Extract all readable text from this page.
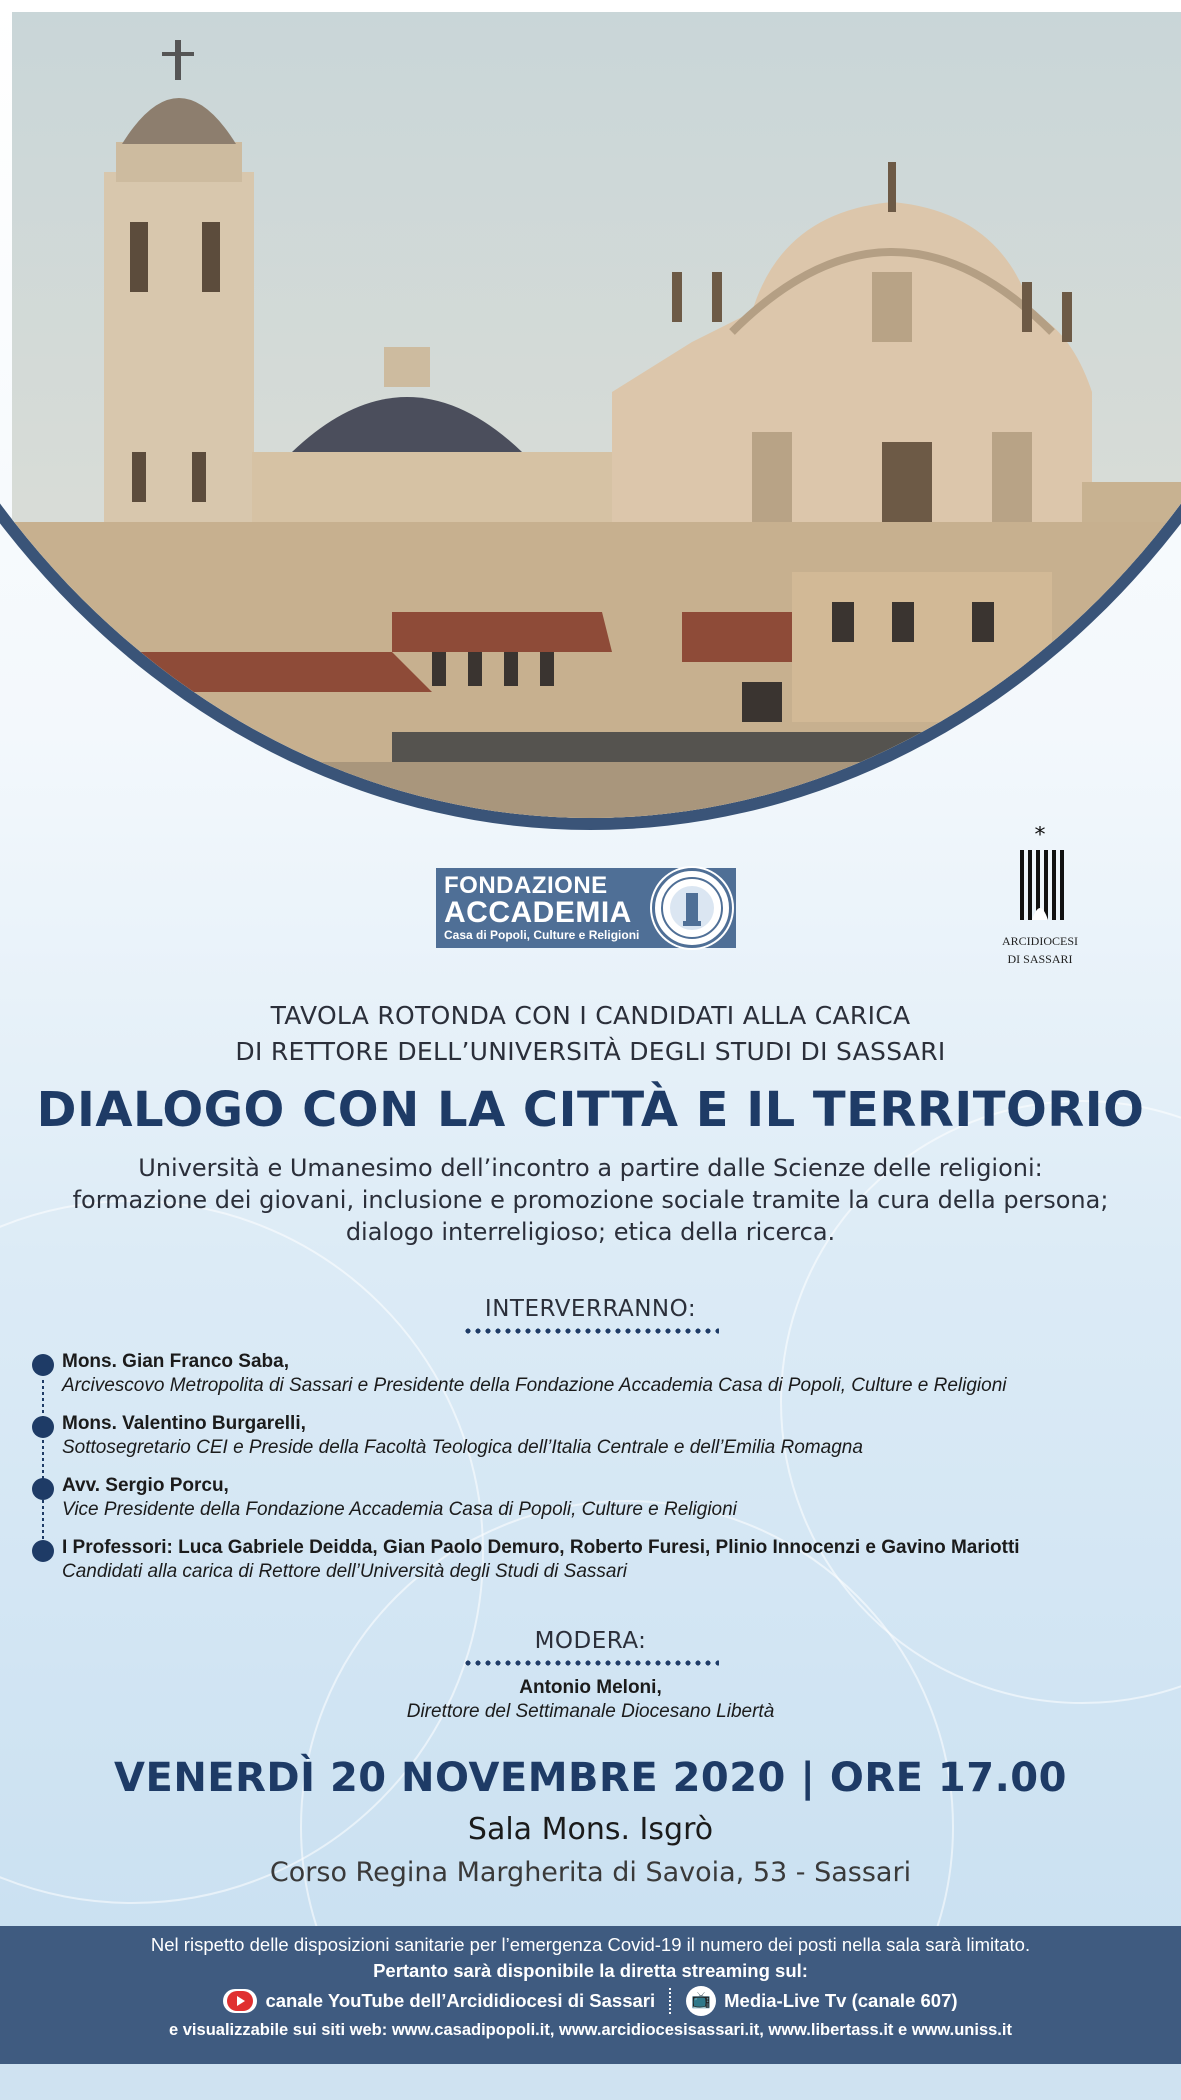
FONDAZIONE
ACCADEMIA
Casa di Popoli, Culture e Religioni
*
ARCIDIOCESI
DI SASSARI
TAVOLA ROTONDA CON I CANDIDATI ALLA CARICA
DI RETTORE DELL’UNIVERSITÀ DEGLI STUDI DI SASSARI
DIALOGO CON LA CITTÀ E IL TERRITORIO
Università e Umanesimo dell’incontro a partire dalle Scienze delle religioni:
formazione dei giovani, inclusione e promozione sociale tramite la cura della persona;
dialogo interreligioso; etica della ricerca.
INTERVERRANNO:
Mons. Gian Franco Saba,
Arcivescovo Metropolita di Sassari e Presidente della Fondazione Accademia Casa di Popoli, Culture e Religioni
Mons. Valentino Burgarelli,
Sottosegretario CEI e Preside della Facoltà Teologica dell’Italia Centrale e dell’Emilia Romagna
Avv. Sergio Porcu,
Vice Presidente della Fondazione Accademia Casa di Popoli, Culture e Religioni
I Professori: Luca Gabriele Deidda, Gian Paolo Demuro, Roberto Furesi, Plinio Innocenzi e Gavino Mariotti
Candidati alla carica di Rettore dell’Università degli Studi di Sassari
MODERA:
Antonio Meloni,
Direttore del Settimanale Diocesano Libertà
VENERDÌ 20 NOVEMBRE 2020 | ORE 17.00
Sala Mons. Isgrò
Corso Regina Margherita di Savoia, 53 - Sassari
Nel rispetto delle disposizioni sanitarie per l’emergenza Covid-19 il numero dei posti nella sala sarà limitato.
Pertanto sarà disponibile la diretta streaming sul:
canale YouTube dell’Arcididiocesi di Sassari	📺 Media-Live Tv (canale 607)
e visualizzabile sui siti web: www.casadipopoli.it, www.arcidiocesisassari.it, www.libertass.it e www.uniss.it
